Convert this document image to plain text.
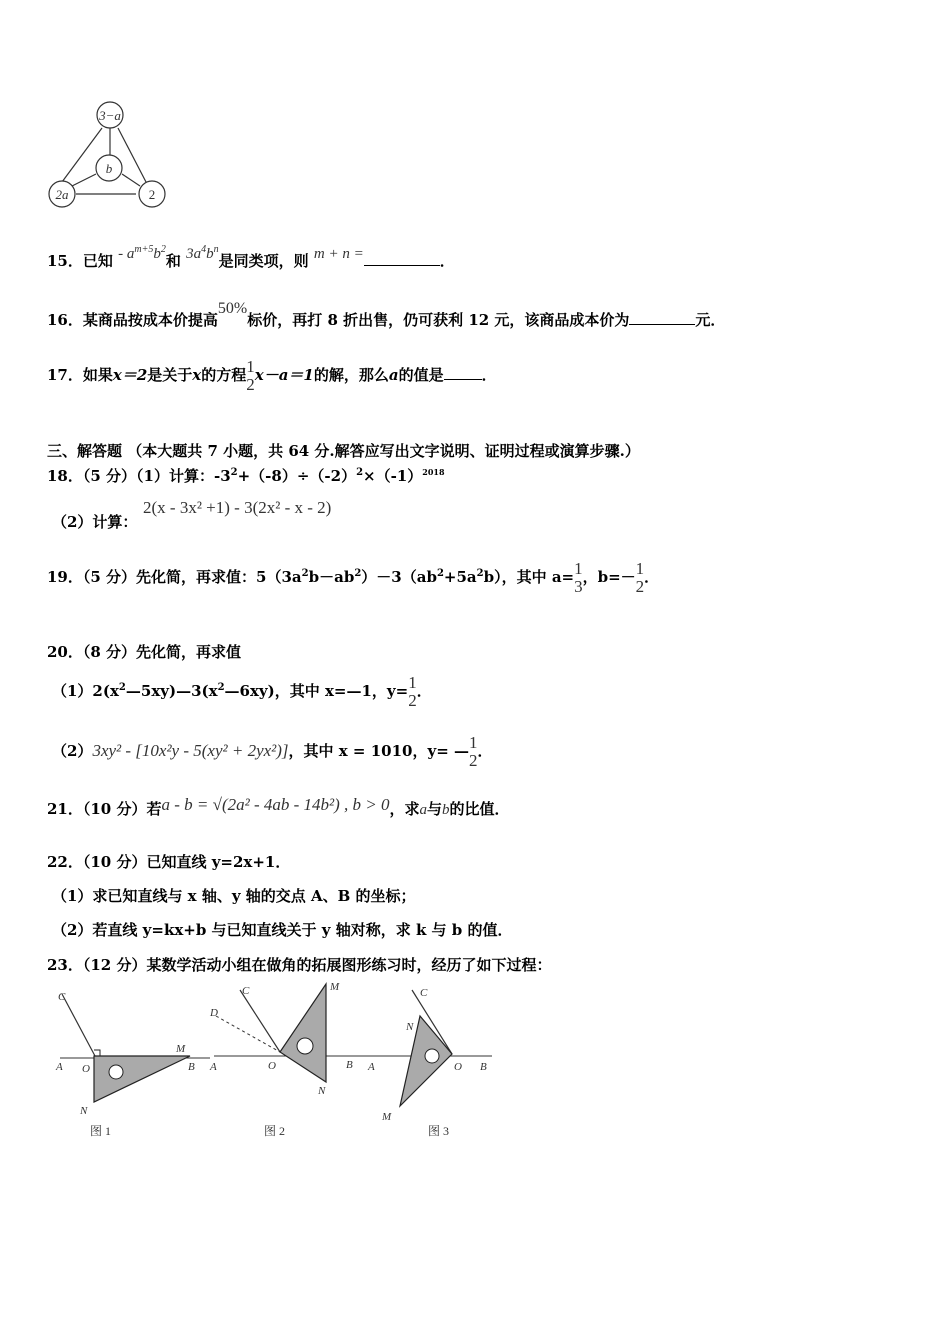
3−a
b
2a	2
15．已知 - $a^{m+5}b^2$和 $3a^4b^n$是同类项，则 m + n =	．
16．某商品按成本价提高50%标价，再打 8 折出售，仍可获利 12 元，该商品成本价为	元．
17．如果x＝2是关于x的方程 1
2 x－a＝1的解，那么a的值是	．
三、解答题 （本大题共 7 小题，共 64 分.解答应写出文字说明、证明过程或演算步骤.）
18．（5 分）（1）计算：$-3^2+(-8)\div(-2)^2\times(-1)^{2018}$
（2）计算：
2(x - 3x² +1) - 3(2x² - x - 2)
19．（5 分）先化简，再求值：$5(3a^2b-ab^2)-3(ab^2+5a^2b)$，其中 a= 1
3 ，b=－ 1
2 ．
20．（8 分）先化简，再求值
$(1)2(x^2—5xy)—3(x^2—6xy)$，其中 x=—1，y= 1
2 ．
（2）3xy² - [10x²y - 5(xy² + 2yx²)]，其中 x = 1010，y= — 1
2 ．
21．（10 分）若a - b = √(2a² - 4ab - 14b²) , b > 0，求a与b的比值．
22．（10 分）已知直线 y=2x+1．
（1）求已知直线与 x 轴、y 轴的交点 A、B 的坐标；
（2）若直线 y=kx+b 与已知直线关于 y 轴对称，求 k 与 b 的值．
23．（12 分）某数学活动小组在做角的拓展图形练习时，经历了如下过程：
C
A O
M
B
N
图 1
C
D
A	O
M
B
N
图 2
C
N
A	O B
M
图 3
